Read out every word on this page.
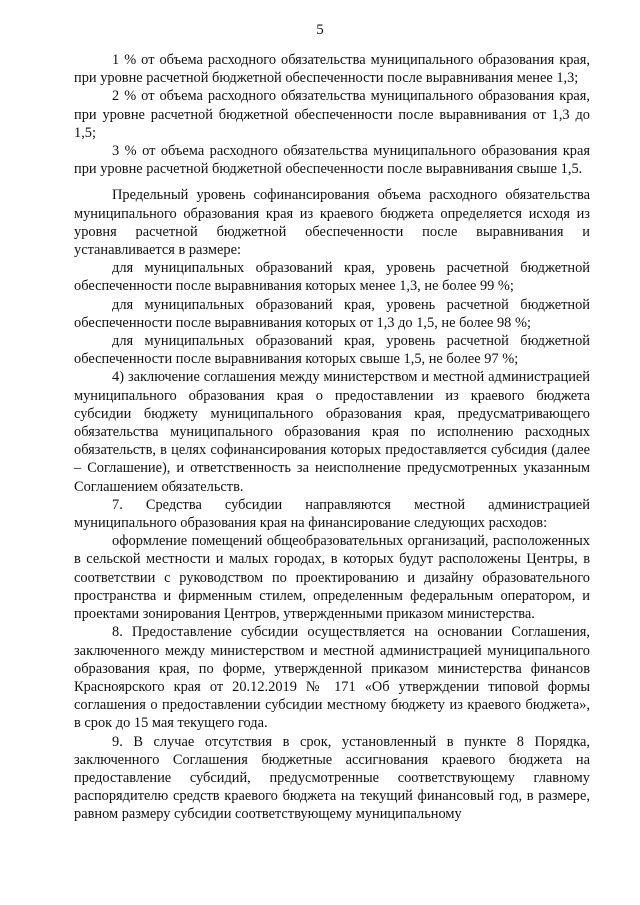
5

1 % от объема расходного обязательства муниципального образования края, при уровне расчетной бюджетной обеспеченности после выравнивания менее 1,3;

2 % от объема расходного обязательства муниципального образования края, при уровне расчетной бюджетной обеспеченности после выравнивания от 1,3 до 1,5;

3 % от объема расходного обязательства муниципального образования края при уровне расчетной бюджетной обеспеченности после выравнивания свыше 1,5.

Предельный уровень софинансирования объема расходного обязательства муниципального образования края из краевого бюджета определяется исходя из уровня расчетной бюджетной обеспеченности после выравнивания и устанавливается в размере:

для муниципальных образований края, уровень расчетной бюджетной обеспеченности после выравнивания которых менее 1,3, не более 99 %;

для муниципальных образований края, уровень расчетной бюджетной обеспеченности после выравнивания которых от 1,3 до 1,5, не более 98 %;

для муниципальных образований края, уровень расчетной бюджетной обеспеченности после выравнивания которых свыше 1,5, не более 97 %;

4) заключение соглашения между министерством и местной администрацией муниципального образования края о предоставлении из краевого бюджета субсидии бюджету муниципального образования края, предусматривающего обязательства муниципального образования края по исполнению расходных обязательств, в целях софинансирования которых предоставляется субсидия (далее – Соглашение), и ответственность за неисполнение предусмотренных указанным Соглашением обязательств.

7. Средства субсидии направляются местной администрацией муниципального образования края на финансирование следующих расходов:

оформление помещений общеобразовательных организаций, расположенных в сельской местности и малых городах, в которых будут расположены Центры, в соответствии с руководством по проектированию и дизайну образовательного пространства и фирменным стилем, определенным федеральным оператором, и проектами зонирования Центров, утвержденными приказом министерства.

8. Предоставление субсидии осуществляется на основании Соглашения, заключенного между министерством и местной администрацией муниципального образования края, по форме, утвержденной приказом министерства финансов Красноярского края от 20.12.2019 № 171 «Об утверждении типовой формы соглашения о предоставлении субсидии местному бюджету из краевого бюджета», в срок до 15 мая текущего года.

9. В случае отсутствия в срок, установленный в пункте 8 Порядка, заключенного Соглашения бюджетные ассигнования краевого бюджета на предоставление субсидий, предусмотренные соответствующему главному распорядителю средств краевого бюджета на текущий финансовый год, в размере, равном размеру субсидии соответствующему муниципальному
